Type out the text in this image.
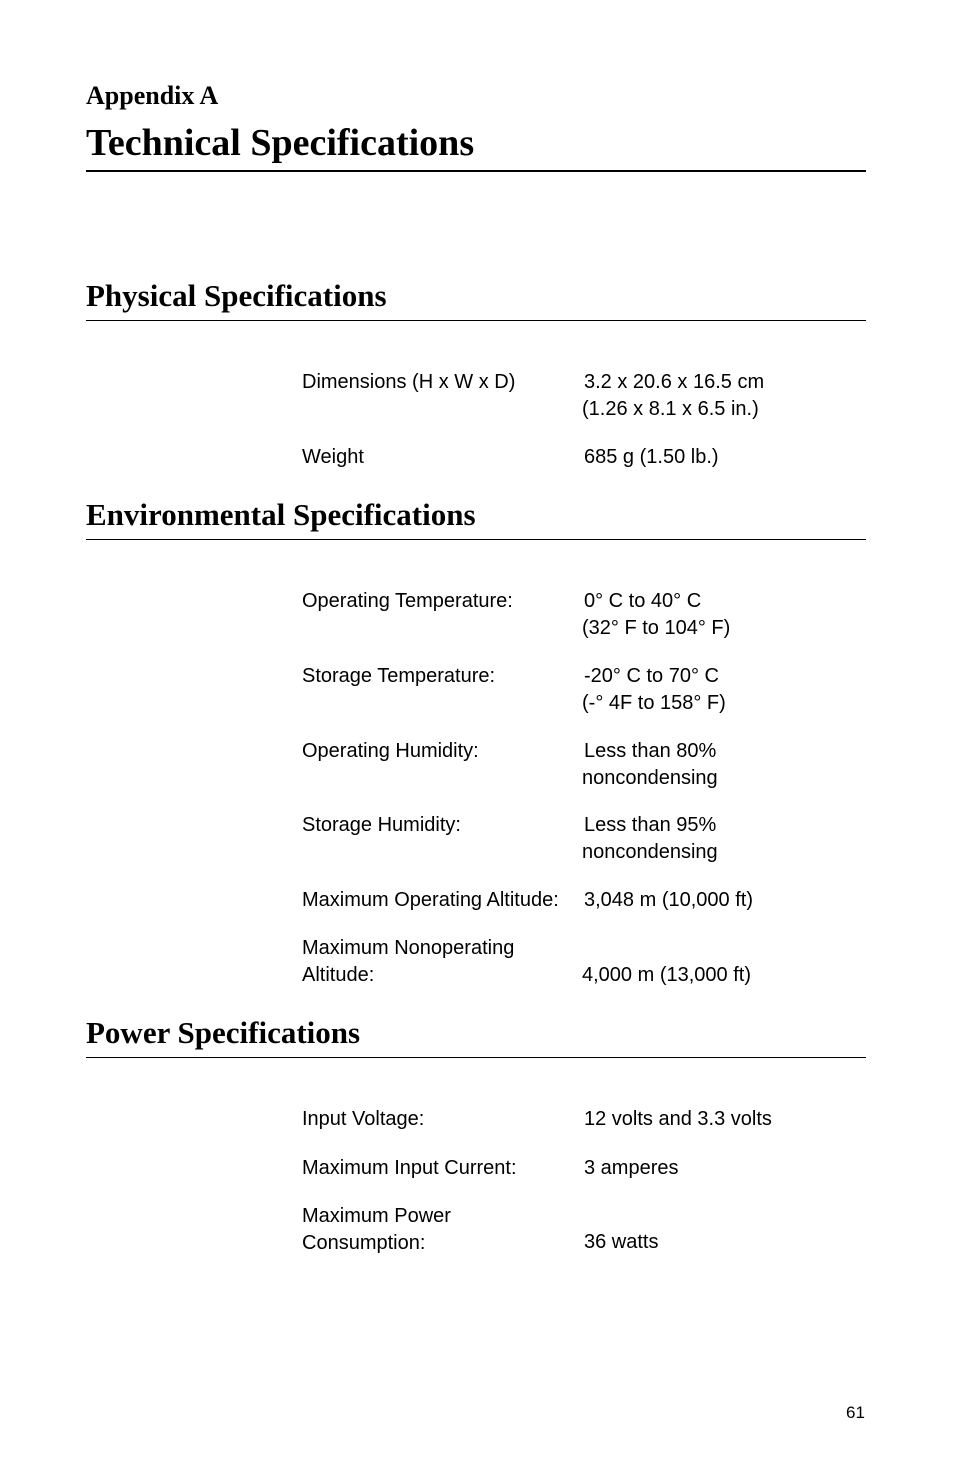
Appendix A
Technical Specifications
Physical Specifications
Dimensions (H x W x D)	3.2 x 20.6 x 16.5 cm
(1.26 x 8.1 x 6.5 in.)
Weight	685 g (1.50 lb.)
Environmental Specifications
Operating Temperature:	0° C to 40° C
(32° F to 104° F)
Storage Temperature:	-20° C to 70° C
(-° 4F to 158° F)
Operating Humidity:	Less than 80%
noncondensing
Storage Humidity:	Less than 95%
noncondensing
Maximum Operating Altitude: 3,048 m (10,000 ft)
Maximum Nonoperating
Altitude:	4,000 m (13,000 ft)
Power Specifications
Input Voltage:	12 volts and 3.3 volts
Maximum Input Current:	3 amperes
Maximum Power
Consumption:	36 watts
61
